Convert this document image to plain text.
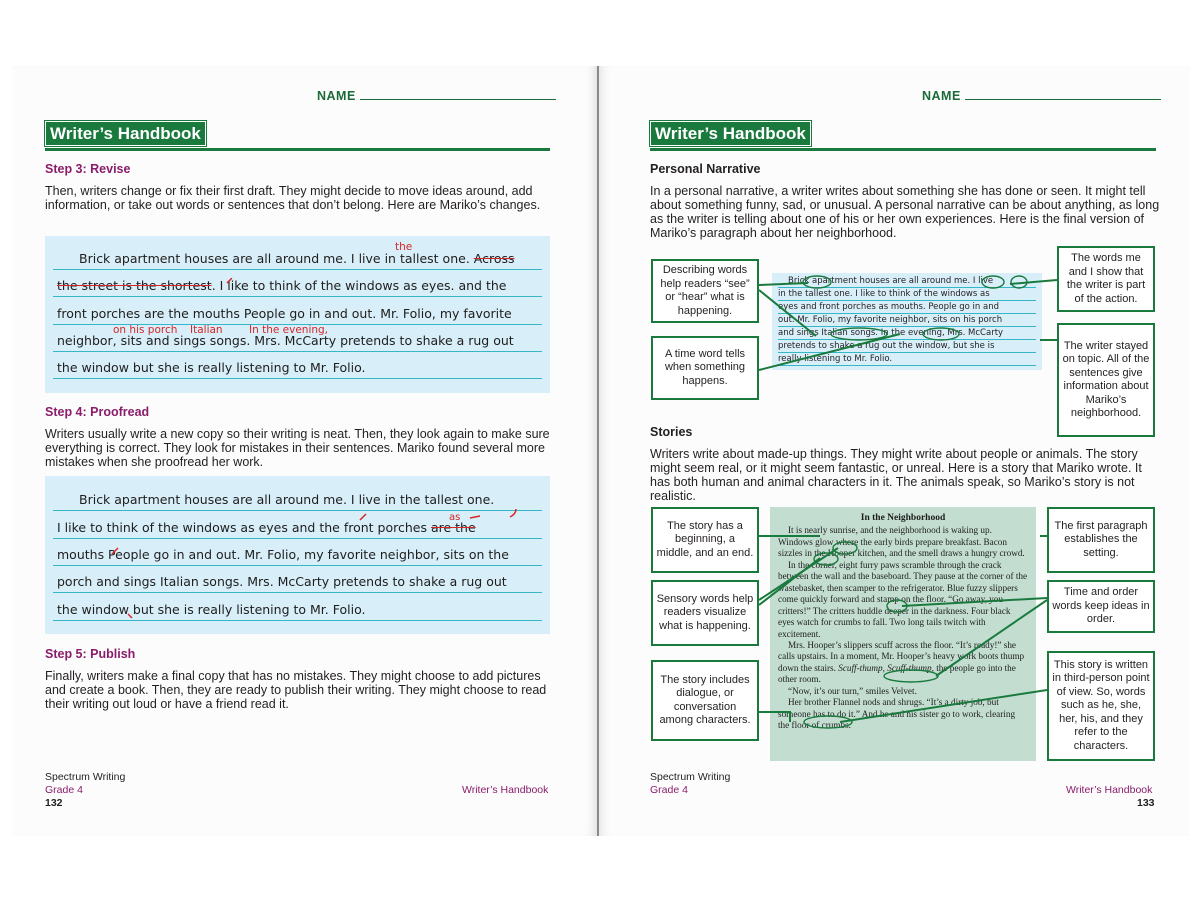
NAME
Writer’s Handbook
Step 3: Revise
Then, writers change or fix their first draft. They might decide to move ideas around, add information, or take out words or sentences that don’t belong. Here are Mariko’s changes.
Brick apartment houses are all around me. I live in tallest one. Across
the street is the shortest. I like to think of the windows as eyes. and the
front porches are the mouths People go in and out. Mr. Folio, my favorite
neighbor, sits and sings songs. Mrs. McCarty pretends to shake a rug out
the window but she is really listening to Mr. Folio.
the
on his porch Italian	In the evening,
Step 4: Proofread
Writers usually write a new copy so their writing is neat. Then, they look again to make sure everything is correct. They look for mistakes in their sentences. Mariko found several more mistakes when she proofread her work.
Brick apartment houses are all around me. I live in the tallest one.
I like to think of the windows as eyes and the front porches are the
mouths People go in and out. Mr. Folio, my favorite neighbor, sits on the
porch and sings Italian songs. Mrs. McCarty pretends to shake a rug out
the window but she is really listening to Mr. Folio.
as
Step 5: Publish
Finally, writers make a final copy that has no mistakes. They might choose to add pictures and create a book. Then, they are ready to publish their writing. They might choose to read their writing out loud or have a friend read it.
Spectrum Writing
Grade 4
132
Writer’s Handbook
NAME
Writer’s Handbook
Personal Narrative
In a personal narrative, a writer writes about something she has done or seen. It might tell about something funny, sad, or unusual. A personal narrative can be about anything, as long as the writer is telling about one of his or her own experiences. Here is the final version of Mariko’s paragraph about her neighborhood.
Brick apartment houses are all around me. I live
in the tallest one. I like to think of the windows as
eyes and front porches as mouths. People go in and
out. Mr. Folio, my favorite neighbor, sits on his porch
and sings Italian songs. In the evening, Mrs. McCarty
pretends to shake a rug out the window, but she is
really listening to Mr. Folio.
Describing words help readers “see” or “hear” what is happening.
A time word tells when something happens.
The words me and I show that the writer is part of the action.
The writer stayed on topic. All of the sentences give information about Mariko’s neighborhood.
Stories
Writers write about made-up things. They might write about people or animals. The story might seem real, or it might seem fantastic, or unreal. Here is a story that Mariko wrote. It has both human and animal characters in it. The animals speak, so Mariko’s story is not realistic.
In the Neighborhood

It is nearly sunrise, and the neighborhood is waking up. Windows glow where the early birds prepare breakfast. Bacon sizzles in the Hooper kitchen, and the smell draws a hungry crowd.

In the corner, eight furry paws scramble through the crack between the wall and the baseboard. They pause at the corner of the wastebasket, then scamper to the refrigerator. Blue fuzzy slippers come quickly forward and stamp on the floor. “Go away, you critters!” The critters huddle deeper in the darkness. Four black eyes watch for crumbs to fall. Two long tails twitch with excitement.

Mrs. Hooper’s slippers scuff across the floor. “It’s ready!” she calls upstairs. In a moment, Mr. Hooper’s heavy work boots thump down the stairs. Scuff-thump, Scuff-thump, the people go into the other room.

“Now, it’s our turn,” smiles Velvet.

Her brother Flannel nods and shrugs. “It’s a dirty job, but someone has to do it.” And he and his sister go to work, clearing the floor of crumbs.

The story has a beginning, a middle, and an end.
Sensory words help readers visualize what is happening.
The story includes dialogue, or conversation among characters.
The first paragraph establishes the setting.
Time and order words keep ideas in order.
This story is written in third-person point of view. So, words such as he, she, her, his, and they refer to the characters.
Spectrum Writing
Grade 4	Writer’s Handbook
133
